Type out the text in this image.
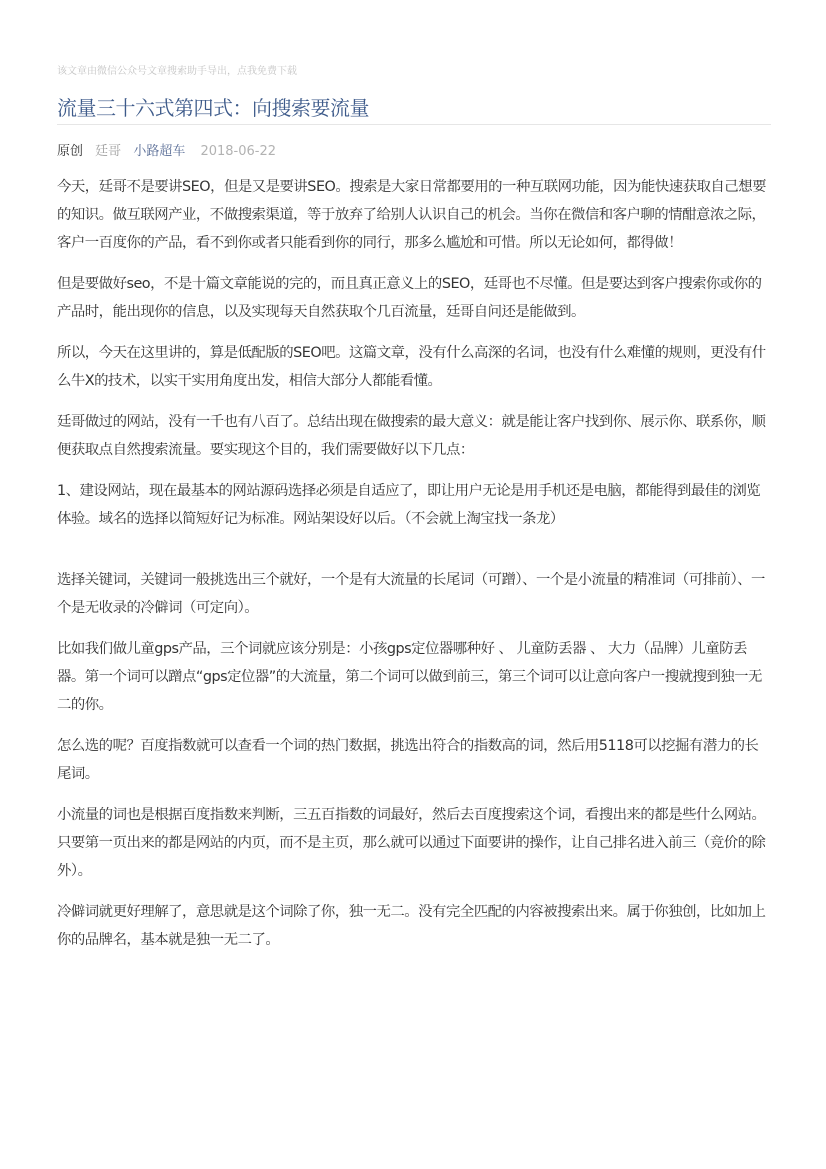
该文章由微信公众号文章搜索助手导出，点我免费下载
流量三十六式第四式：向搜索要流量
原创 廷哥 小路超车 2018-06-22

今天，廷哥不是要讲SEO，但是又是要讲SEO。搜索是大家日常都要用的一种互联网功能，因为能快速获取自己想要的知识。做互联网产业，不做搜索渠道，等于放弃了给别人认识自己的机会。当你在微信和客户聊的情酣意浓之际，客户一百度你的产品，看不到你或者只能看到你的同行，那多么尴尬和可惜。所以无论如何，都得做！

但是要做好seo，不是十篇文章能说的完的，而且真正意义上的SEO，廷哥也不尽懂。但是要达到客户搜索你或你的产品时，能出现你的信息，以及实现每天自然获取个几百流量，廷哥自问还是能做到。

所以，今天在这里讲的，算是低配版的SEO吧。这篇文章，没有什么高深的名词，也没有什么难懂的规则，更没有什么牛X的技术，以实干实用角度出发，相信大部分人都能看懂。

廷哥做过的网站，没有一千也有八百了。总结出现在做搜索的最大意义：就是能让客户找到你、展示你、联系你，顺便获取点自然搜索流量。要实现这个目的，我们需要做好以下几点：

1、建设网站，现在最基本的网站源码选择必须是自适应了，即让用户无论是用手机还是电脑，都能得到最佳的浏览体验。域名的选择以简短好记为标准。网站架设好以后。（不会就上淘宝找一条龙）

选择关键词，关键词一般挑选出三个就好，一个是有大流量的长尾词（可蹭）、一个是小流量的精准词（可排前）、一个是无收录的冷僻词（可定向）。

比如我们做儿童gps产品，三个词就应该分别是：小孩gps定位器哪种好 、 儿童防丢器 、 大力（品牌）儿童防丢器。第一个词可以蹭点“gps定位器”的大流量，第二个词可以做到前三，第三个词可以让意向客户一搜就搜到独一无二的你。

怎么选的呢？百度指数就可以查看一个词的热门数据，挑选出符合的指数高的词，然后用5118可以挖掘有潜力的长尾词。

小流量的词也是根据百度指数来判断，三五百指数的词最好，然后去百度搜索这个词，看搜出来的都是些什么网站。只要第一页出来的都是网站的内页，而不是主页，那么就可以通过下面要讲的操作，让自己排名进入前三（竞价的除外）。

冷僻词就更好理解了，意思就是这个词除了你，独一无二。没有完全匹配的内容被搜索出来。属于你独创，比如加上你的品牌名，基本就是独一无二了。
